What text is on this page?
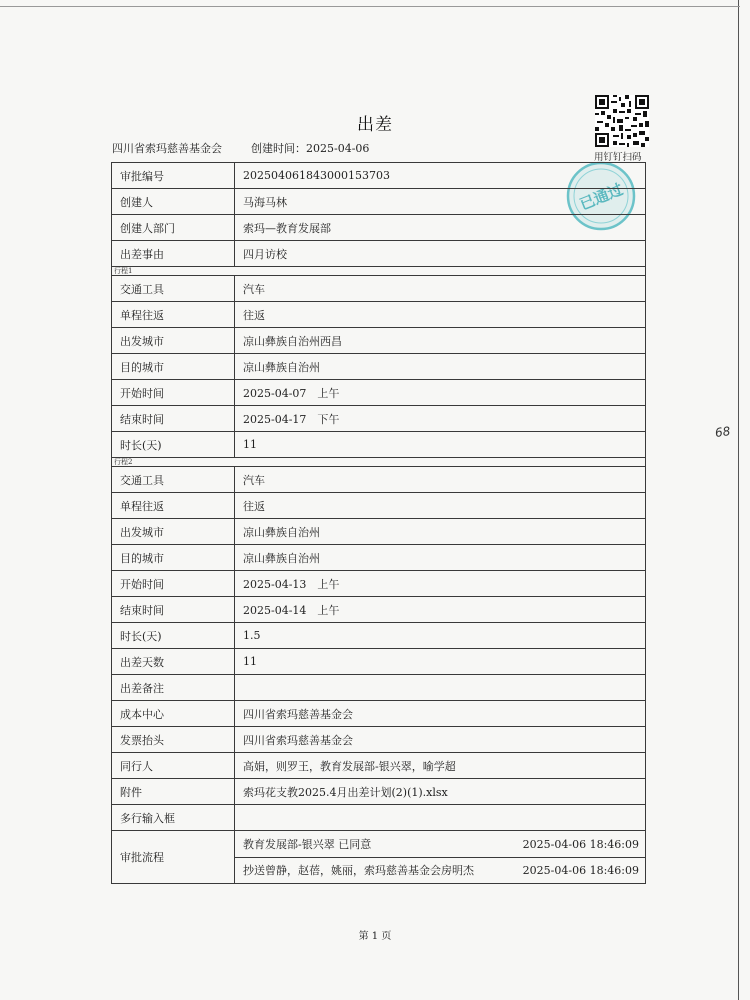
出差
四川省索玛慈善基金会	创建时间：2025-04-06
用钉钉扫码
已通过
审批编号	202504061843000153703
创建人	马海马林
创建人部门	索玛—教育发展部
出差事由	四月访校
行程1	
交通工具	汽车
单程往返	往返
出发城市	凉山彝族自治州西昌
目的城市	凉山彝族自治州
开始时间	2025-04-07　上午
结束时间	2025-04-17　下午
时长(天)	11
行程2	
交通工具	汽车
单程往返	往返
出发城市	凉山彝族自治州
目的城市	凉山彝族自治州
开始时间	2025-04-13　上午
结束时间	2025-04-14　上午
时长(天)	1.5
出差天数	11
出差备注	
成本中心	四川省索玛慈善基金会
发票抬头	四川省索玛慈善基金会
同行人	高娟，则罗王，教育发展部-银兴翠，喻学超
附件	索玛花支教2025.4月出差计划(2)(1).xlsx
多行输入框	
审批流程	教育发展部-银兴翠 已同意 2025-04-06 18:46:09
抄送曾静，赵蓓，姚丽，索玛慈善基金会房明杰 2025-04-06 18:46:09
68
第 1 页
